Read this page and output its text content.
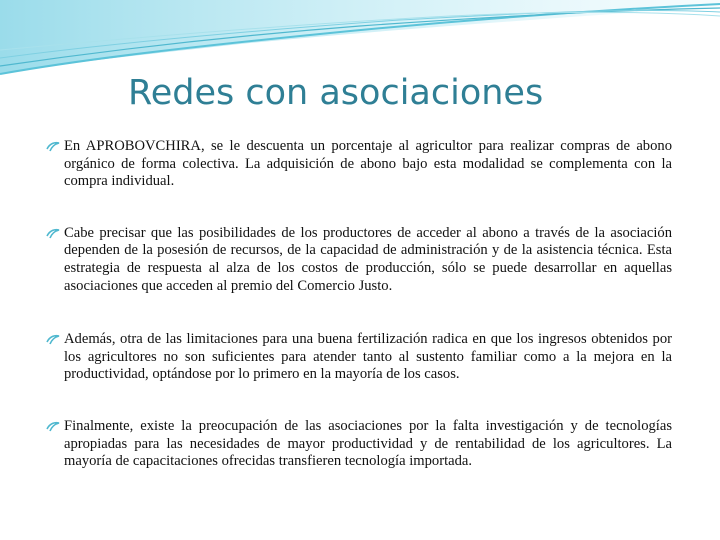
Redes con asociaciones
En APROBOVCHIRA, se le descuenta un porcentaje al agricultor para realizar compras de abono orgánico de forma colectiva. La adquisición de abono bajo esta modalidad se complementa con la compra individual.
Cabe precisar que las posibilidades de los productores de acceder al abono a través de la asociación dependen de la posesión de recursos, de la capacidad de administración y de la asistencia técnica. Esta estrategia de respuesta al alza de los costos de producción, sólo se puede desarrollar en aquellas asociaciones que acceden al premio del Comercio Justo.
Además, otra de las limitaciones para una buena fertilización radica en que los ingresos obtenidos por los agricultores no son suficientes para atender tanto al sustento familiar como a la mejora en la productividad, optándose por lo primero en la mayoría de los casos.
Finalmente, existe la preocupación de las asociaciones por la falta investigación y de tecnologías apropiadas para las necesidades de mayor productividad y de rentabilidad de los agricultores. La mayoría de capacitaciones ofrecidas transfieren tecnología importada.
